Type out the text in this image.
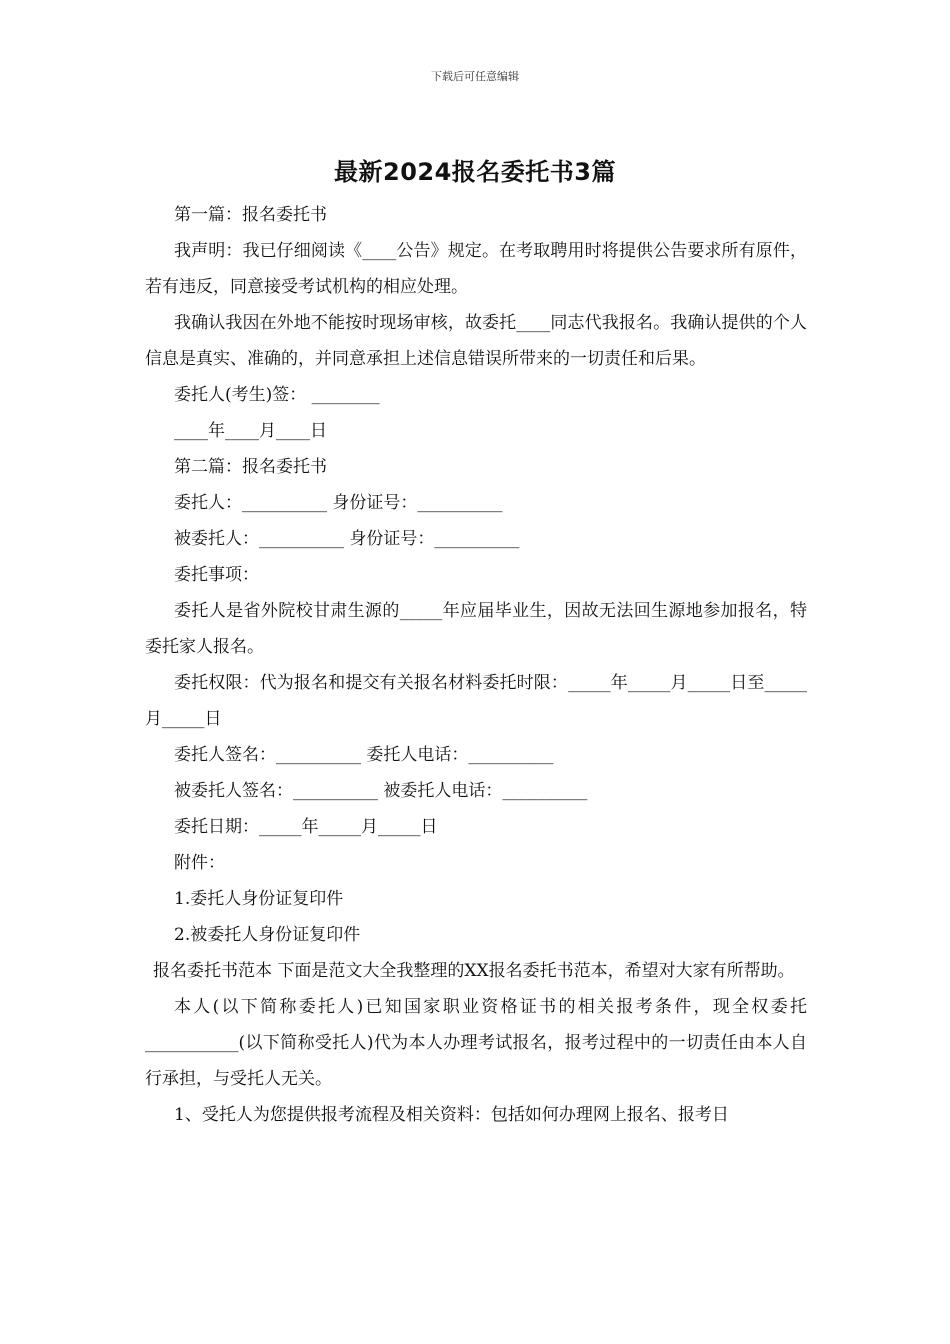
下载后可任意编辑
最新2024报名委托书3篇

第一篇：报名委托书

我声明：我已仔细阅读《____公告》规定。在考取聘用时将提供公告要求所有原件，若有违反，同意接受考试机构的相应处理。

我确认我因在外地不能按时现场审核，故委托____同志代我报名。我确认提供的个人信息是真实、准确的，并同意承担上述信息错误所带来的一切责任和后果。

委托人(考生)签： ________

____年____月____日

第二篇：报名委托书

委托人：__________ 身份证号：__________

被委托人：__________ 身份证号：__________

委托事项：

委托人是省外院校甘肃生源的_____年应届毕业生，因故无法回生源地参加报名，特委托家人报名。

委托权限：代为报名和提交有关报名材料委托时限：_____年_____月_____日至_____月_____日

委托人签名：__________ 委托人电话：__________

被委托人签名：__________ 被委托人电话：__________

委托日期：_____年_____月_____日

附件：

1.委托人身份证复印件

2.被委托人身份证复印件

报名委托书范本 下面是范文大全我整理的XX报名委托书范本，希望对大家有所帮助。

本人(以下简称委托人)已知国家职业资格证书的相关报考条件，现全权委托___________(以下简称受托人)代为本人办理考试报名，报考过程中的一切责任由本人自行承担，与受托人无关。

1、受托人为您提供报考流程及相关资料：包括如何办理网上报名、报考日
